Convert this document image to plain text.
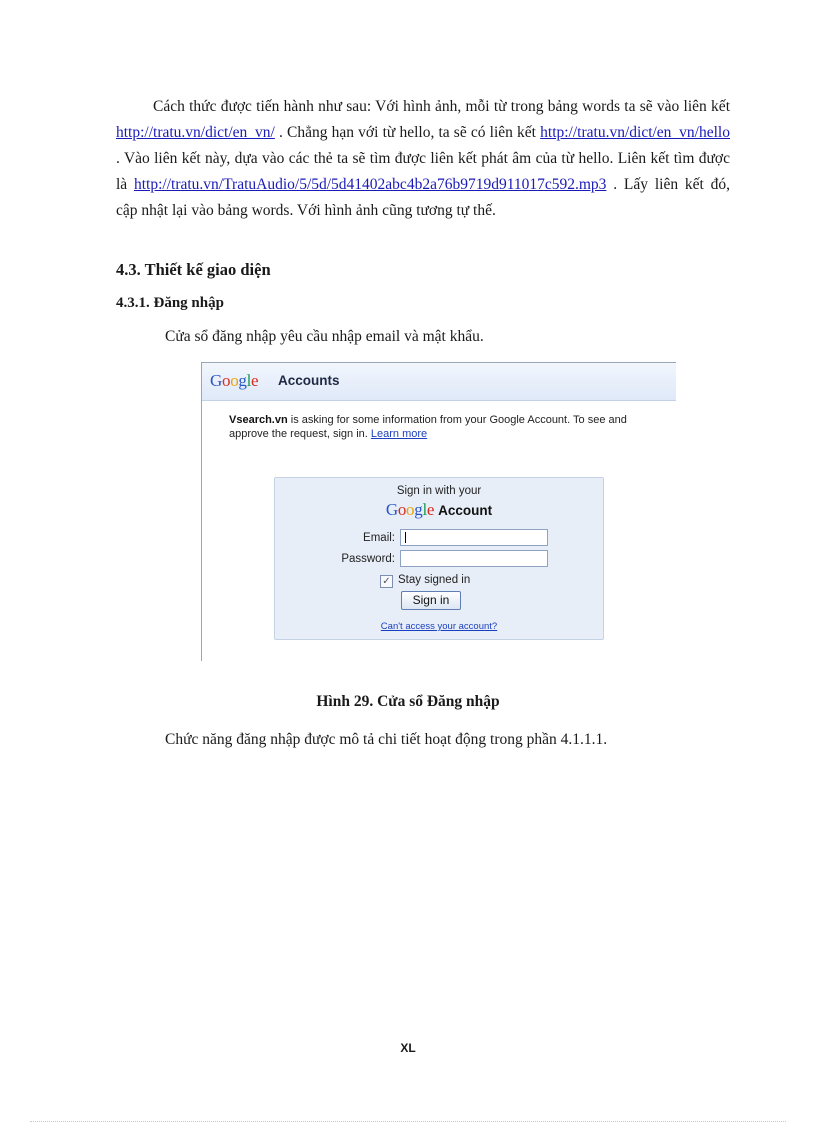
Cách thức được tiến hành như sau: Với hình ảnh, mỗi từ trong bảng words ta sẽ vào liên kết http://tratu.vn/dict/en_vn/ . Chẳng hạn với từ hello, ta sẽ có liên kết http://tratu.vn/dict/en_vn/hello . Vào liên kết này, dựa vào các thẻ ta sẽ tìm được liên kết phát âm của từ hello. Liên kết tìm được là http://tratu.vn/TratuAudio/5/5d/5d41402abc4b2a76b9719d911017c592.mp3 . Lấy liên kết đó, cập nhật lại vào bảng words. Với hình ảnh cũng tương tự thế.

4.3. Thiết kế giao diện
4.3.1. Đăng nhập

Cửa sổ đăng nhập yêu cầu nhập email và mật khẩu.

Google Accounts

Vsearch.vn is asking for some information from your Google Account. To see and approve the request, sign in. Learn more

Sign in with your
Google Account
Email:
Password:
✓ Stay signed in
Sign in
Can't access your account?
Hình 29. Cửa sổ Đăng nhập

Chức năng đăng nhập được mô tả chi tiết hoạt động trong phần 4.1.1.1.

XL
